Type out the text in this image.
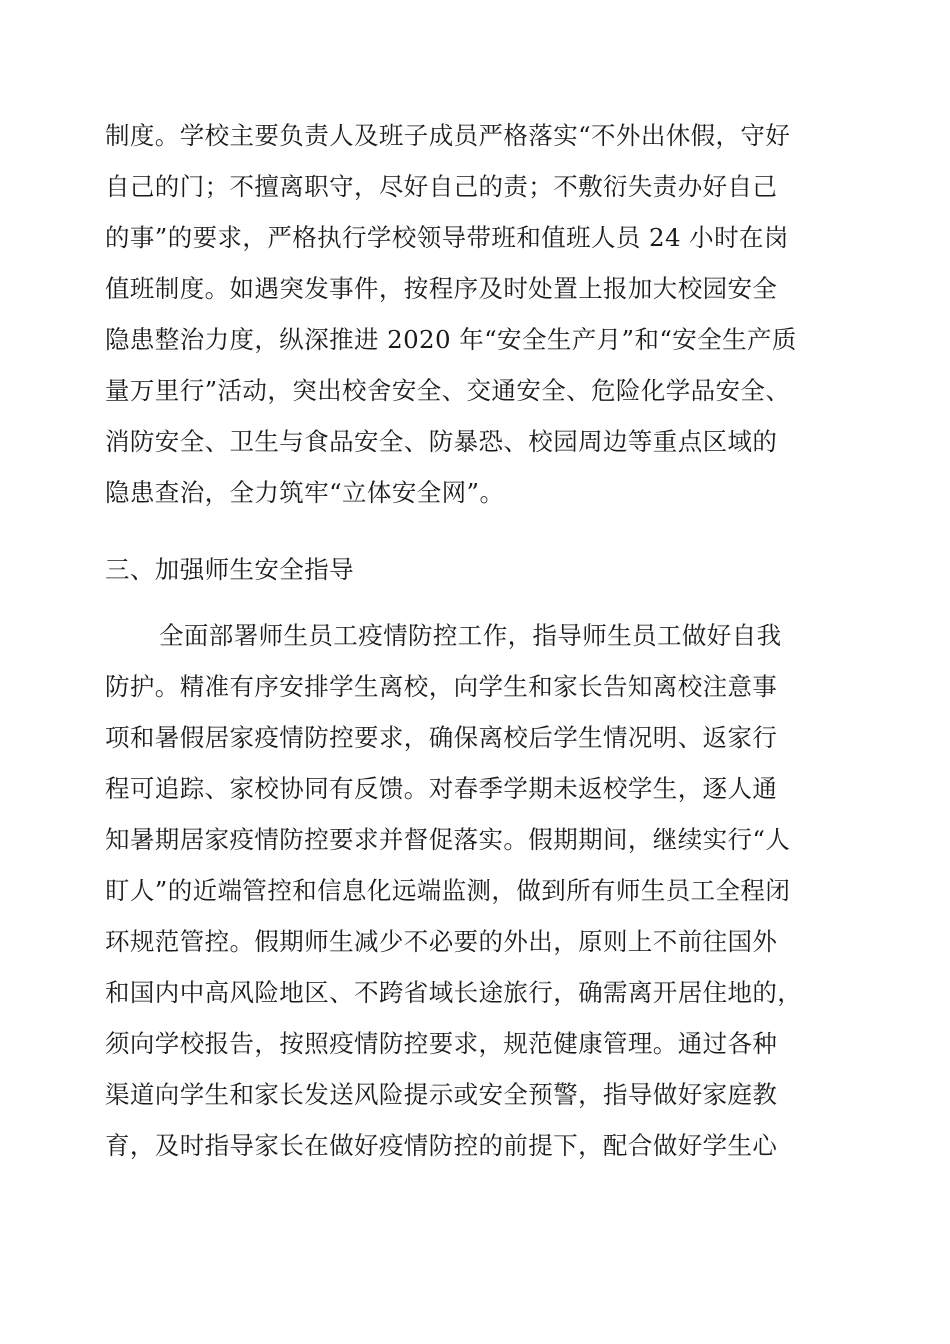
制度。学校主要负责人及班子成员严格落实“不外出休假，守好
自己的门；不擅离职守，尽好自己的责；不敷衍失责办好自己
的事”的要求，严格执行学校领导带班和值班人员 24 小时在岗
值班制度。如遇突发事件，按程序及时处置上报加大校园安全
隐患整治力度，纵深推进 2020 年“安全生产月”和“安全生产质
量万里行”活动，突出校舍安全、交通安全、危险化学品安全、
消防安全、卫生与食品安全、防暴恐、校园周边等重点区域的
隐患查治，全力筑牢“立体安全网”。
三、加强师生安全指导
全面部署师生员工疫情防控工作，指导师生员工做好自我
防护。精准有序安排学生离校，向学生和家长告知离校注意事
项和暑假居家疫情防控要求，确保离校后学生情况明、返家行
程可追踪、家校协同有反馈。对春季学期未返校学生，逐人通
知暑期居家疫情防控要求并督促落实。假期期间，继续实行“人
盯人”的近端管控和信息化远端监测，做到所有师生员工全程闭
环规范管控。假期师生减少不必要的外出，原则上不前往国外
和国内中高风险地区、不跨省域长途旅行，确需离开居住地的，
须向学校报告，按照疫情防控要求，规范健康管理。通过各种
渠道向学生和家长发送风险提示或安全预警，指导做好家庭教
育，及时指导家长在做好疫情防控的前提下，配合做好学生心
